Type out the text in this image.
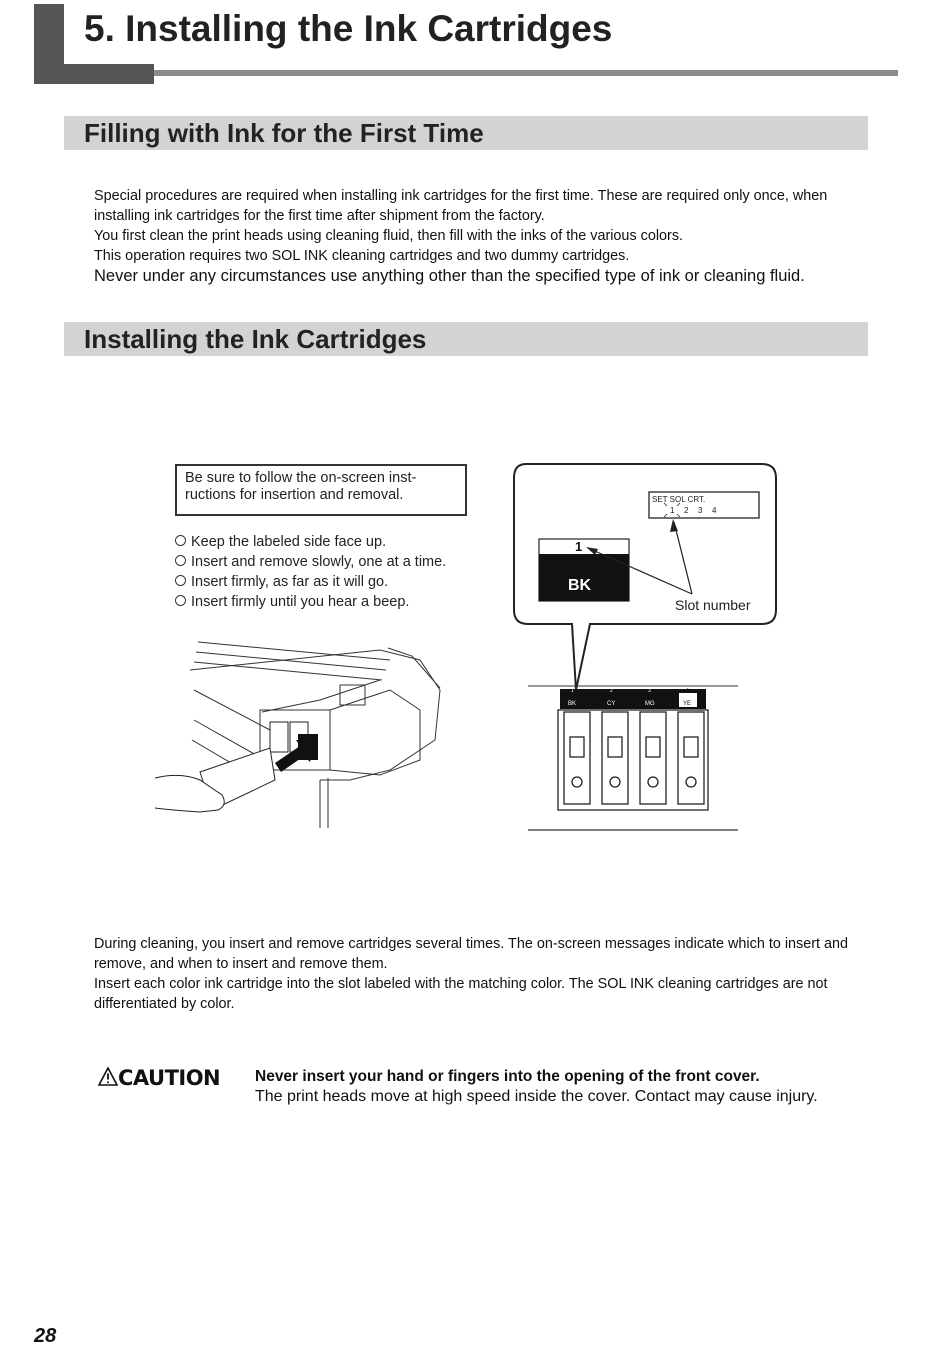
5. Installing the Ink Cartridges
Filling with Ink for the First Time

Special procedures are required when installing ink cartridges for the first time. These are required only once, when installing ink cartridges for the first time after shipment from the factory.

You first clean the print heads using cleaning fluid, then fill with the inks of the various colors.

This operation requires two SOL INK cleaning cartridges and two dummy cartridges.

Never under any circumstances use anything other than the specified type of ink or cleaning fluid.

Installing the Ink Cartridges
Be sure to follow the on-screen inst- ructions for insertion and removal.
Keep the labeled side face up.
Insert and remove slowly, one at a time.
Insert firmly, as far as it will go.
Insert firmly until you hear a beep.
SET SOL CRT.
1 2 3 4
1
BK
Slot number
BK	CY	MG	YE
1	2	3	4

During cleaning, you insert and remove cartridges several times. The on-screen messages indicate which to insert and remove, and when to insert and remove them.

Insert each color ink cartridge into the slot labeled with the matching color. The SOL INK cleaning cartridges are not differentiated by color.

CAUTION Never insert your hand or fingers into the opening of the front cover.
The print heads move at high speed inside the cover. Contact may cause injury.
28
